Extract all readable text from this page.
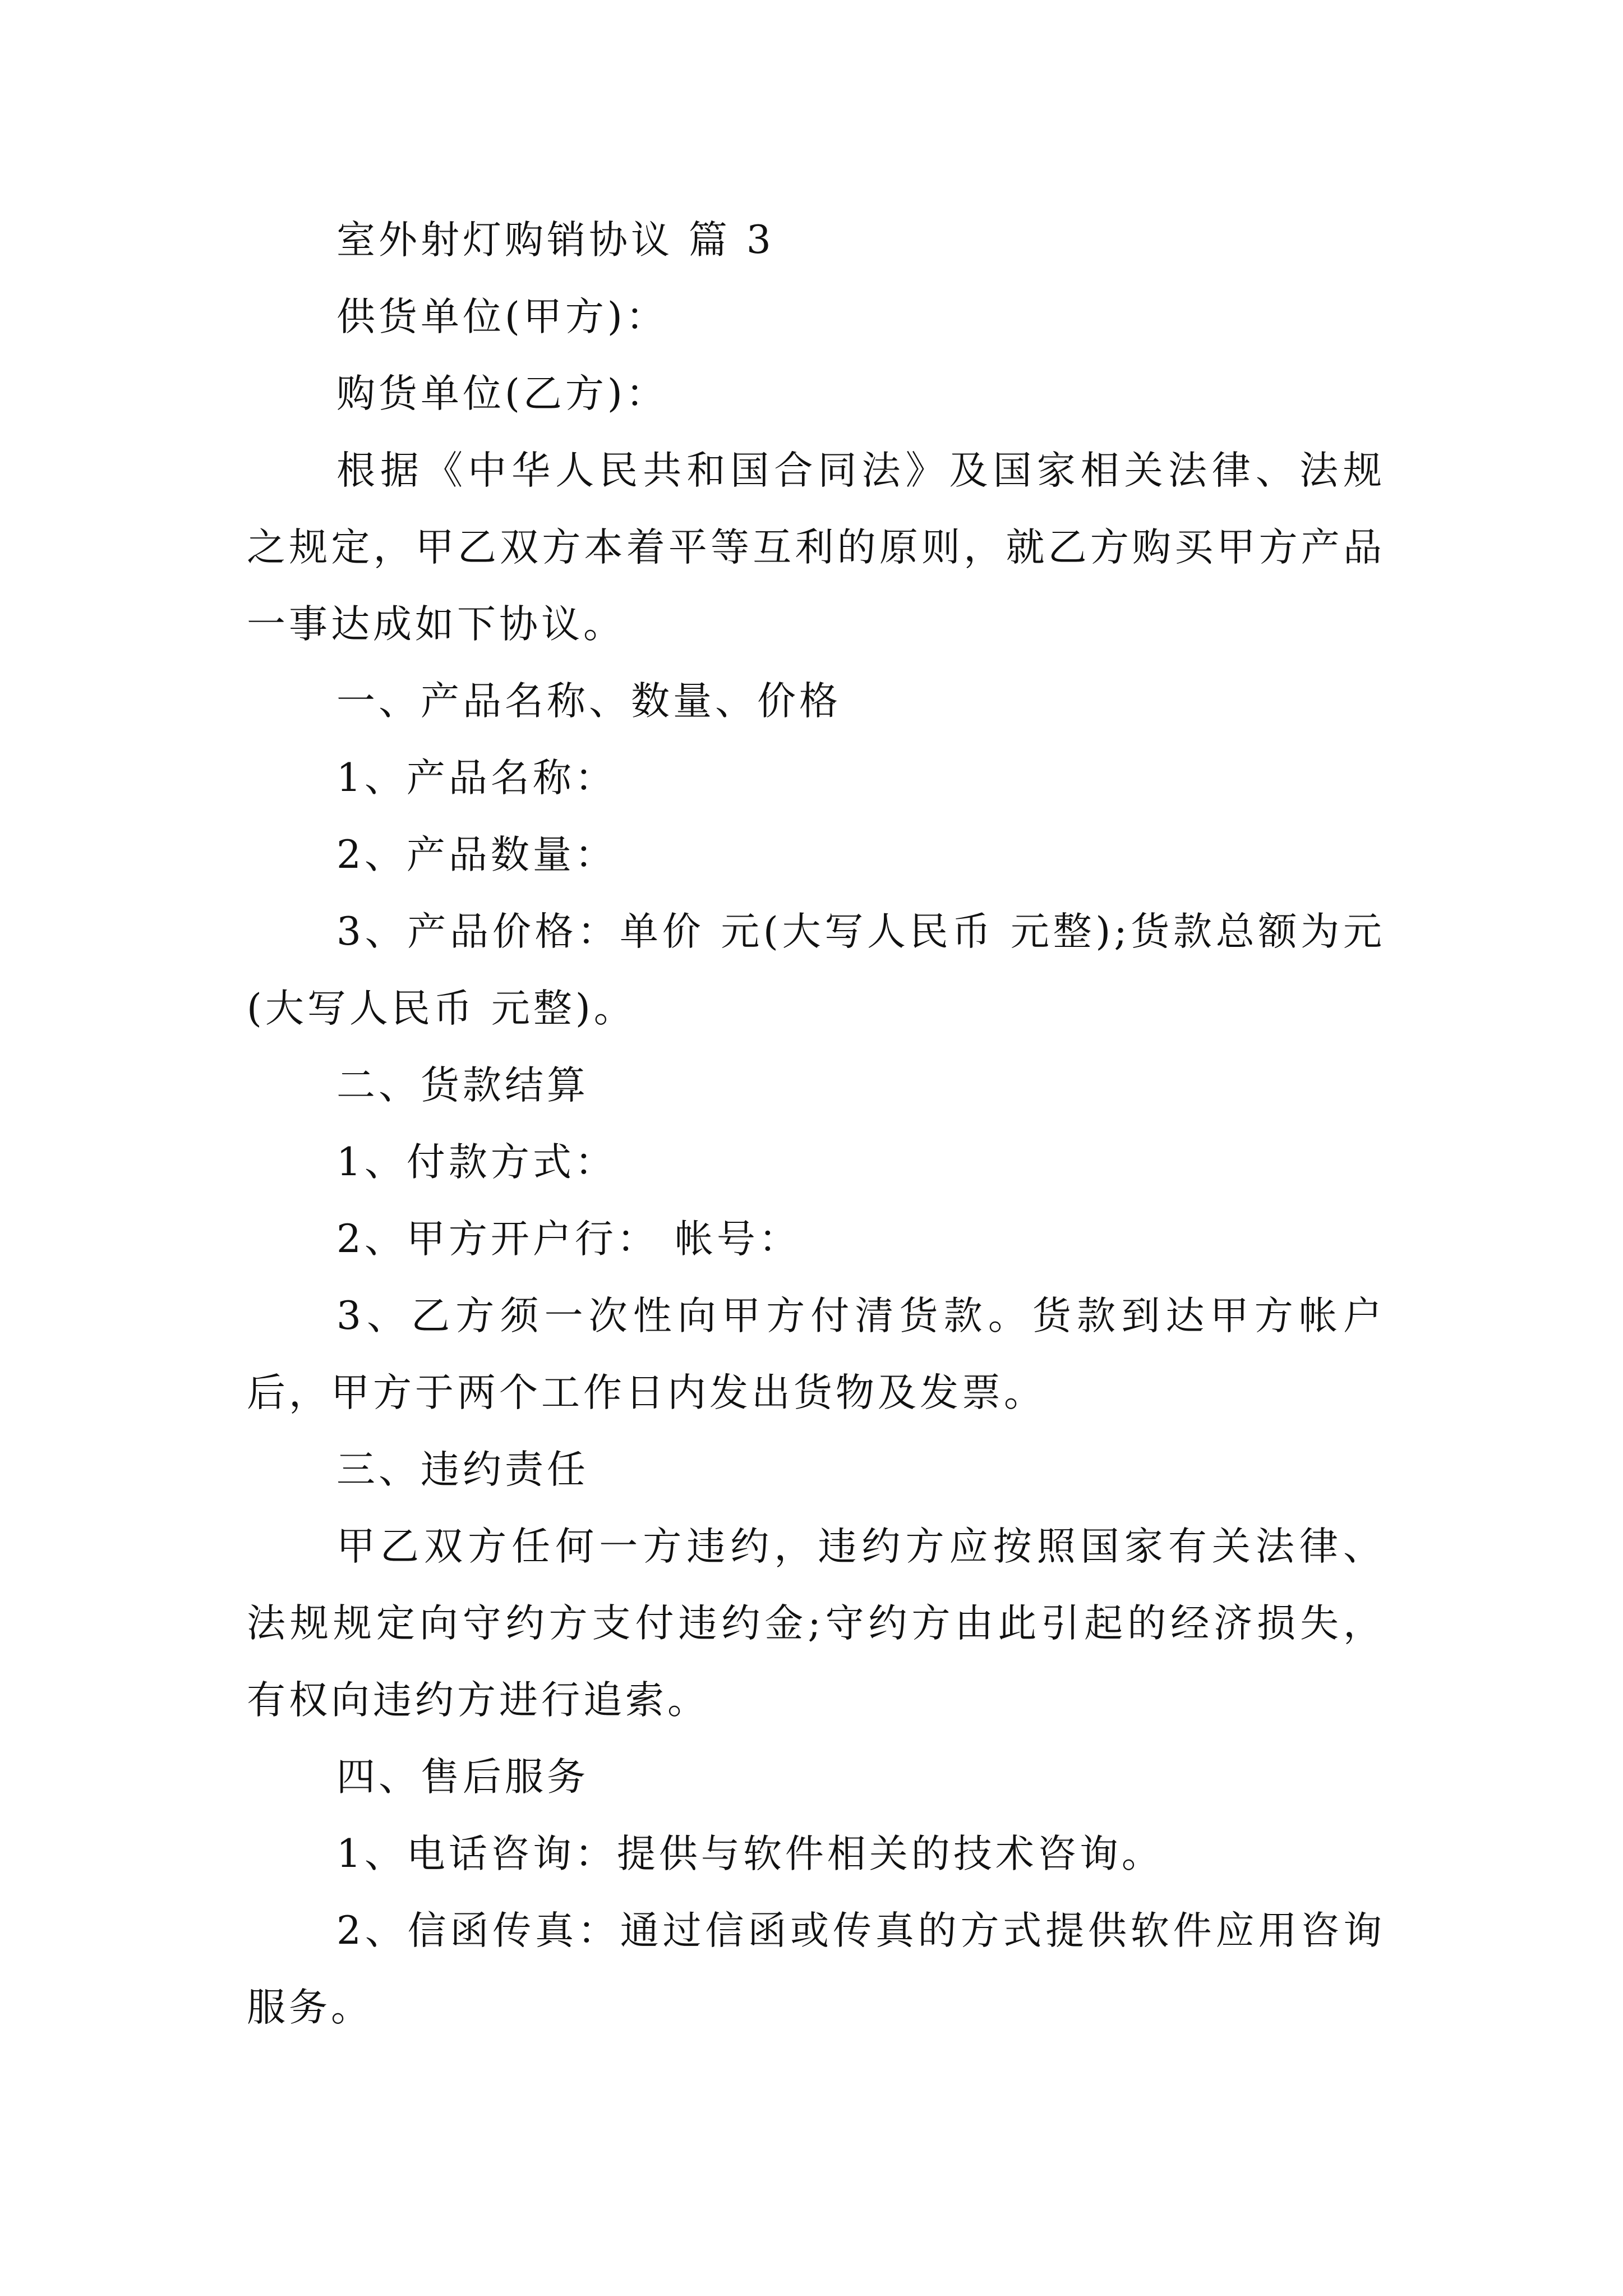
室外射灯购销协议 篇 3

供货单位(甲方)：

购货单位(乙方)：

根据《中华人民共和国合同法》及国家相关法律、法规之规定，甲乙双方本着平等互利的原则，就乙方购买甲方产品一事达成如下协议。

一、产品名称、数量、价格

1、产品名称：

2、产品数量：

3、产品价格：单价 元(大写人民币 元整);货款总额为元(大写人民币 元整)。

二、货款结算

1、付款方式：

2、甲方开户行： 帐号：

3、乙方须一次性向甲方付清货款。货款到达甲方帐户后，甲方于两个工作日内发出货物及发票。

三、违约责任

甲乙双方任何一方违约，违约方应按照国家有关法律、法规规定向守约方支付违约金;守约方由此引起的经济损失，有权向违约方进行追索。

四、售后服务

1、电话咨询：提供与软件相关的技术咨询。

2、信函传真：通过信函或传真的方式提供软件应用咨询服务。
